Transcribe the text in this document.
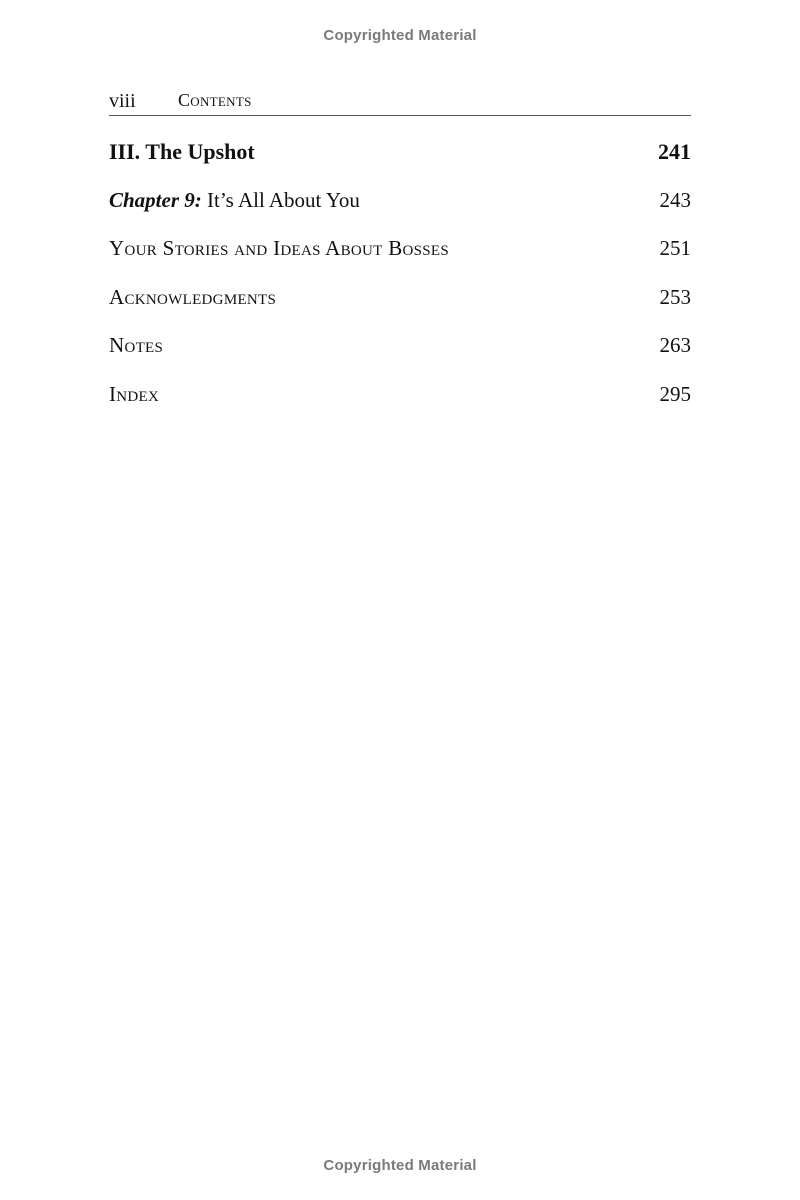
Copyrighted Material
viii Contents
III. The Upshot	241
Chapter 9: It’s All About You	243
Your Stories and Ideas About Bosses	251
Acknowledgments	253
Notes	263
Index	295
Copyrighted Material
